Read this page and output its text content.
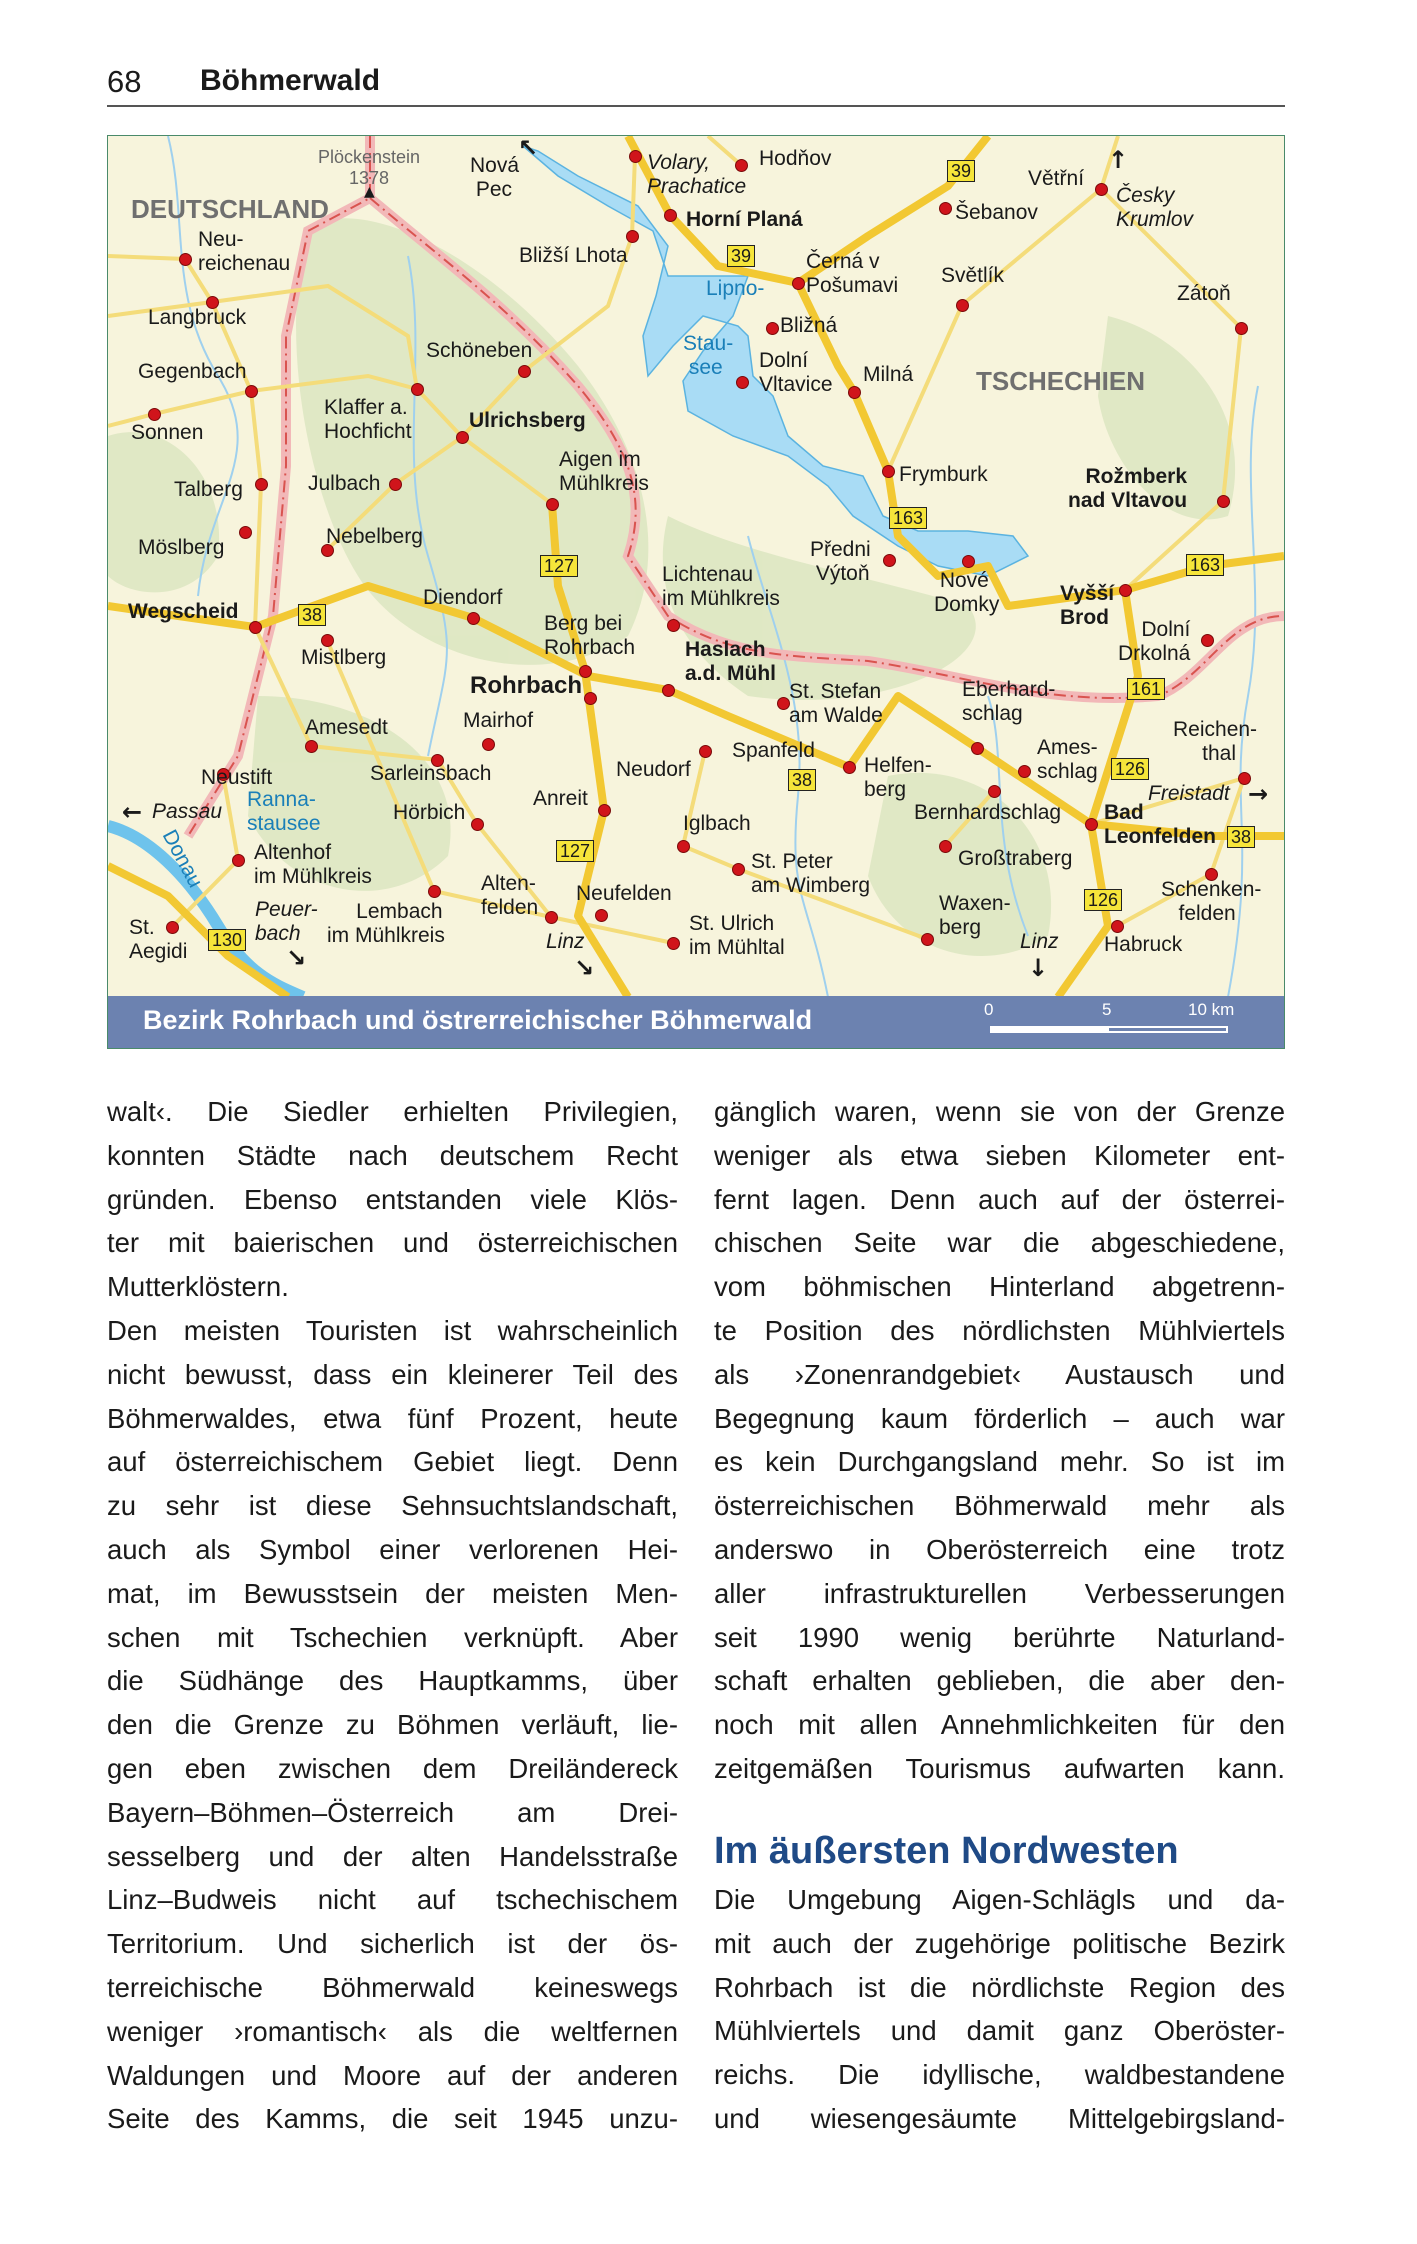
68 Böhmerwald
Bezirk Rohrbach und östrerreichischer Böhmerwald	0	5	10 km
39
39
163
163
127
127
38
38
38
161
126
126
130
Plöckenstein
1378
DEUTSCHLAND
TSCHECHIEN
Neu-
reichenau
Langbruck
Gegenbach
Sonnen
Talberg
Möslberg
Wegscheid
Mistlberg
Amesedt
Neustift
Passau
Ranna-
stausee
Donau Altenhof
im Mühlkreis
Peuer-
bach
St.
Aegidi
Lembach
im Mühlkreis
Alten-
felden
Linz
Neufelden
St. Ulrich
im Mühltal
Hörbich
Sarleinsbach
Anreit
Neudorf
Iglbach
St. Peter
am Wimberg
Spanfeld
St. Stefan
am Walde
Helfen-
berg
Haslach
a.d. Mühl
Rohrbach
Mairhof
Diendorf
Berg bei
Rohrbach
Nebelberg
Julbach
Klaffer a.
Hochficht
Schöneben
Ulrichsberg
Aigen im
Mühlkreis
Nová
Pec
Bližší Lhota
Volary,
Prachatice
Hodňov
Horní Planá
Lipno-
Stau-
see
Černá v
Pošumavi
Bližná
Dolní
Vltavice Milná
Šebanov
Větřní
Česky
Krumlov
Světlík
Zátoň
Frymburk	Rožmberk
nad Vltavou
Předni
Výtoň	Nové
Domky
Lichtenau
im Mühlkreis	Vyšší
Brod
Dolní
Drkolná
Eberhard-
schlag
Reichen-
thal
Ames-
schlag
Freistadt
Bernhardschlag Bad
Leonfelden
Großtraberg
Schenken-
felden
Waxen-
berg
Linz Habruck
↖	↑
←
↘	↘	↓
→
▲
walt‹. Die Siedler erhielten Privilegien,
konnten Städte nach deutschem Recht
gründen. Ebenso entstanden viele Klös-
ter mit baierischen und österreichischen
Mutterklöstern.
Den meisten Touristen ist wahrscheinlich
nicht bewusst, dass ein kleinerer Teil des
Böhmerwaldes, etwa fünf Prozent, heute
auf österreichischem Gebiet liegt. Denn
zu sehr ist diese Sehnsuchtslandschaft,
auch als Symbol einer verlorenen Hei-
mat, im Bewusstsein der meisten Men-
schen mit Tschechien verknüpft. Aber
die Südhänge des Hauptkamms, über
den die Grenze zu Böhmen verläuft, lie-
gen eben zwischen dem Dreiländereck
Bayern–Böhmen–Österreich am Drei-
sesselberg und der alten Handelsstraße
Linz–Budweis nicht auf tschechischem
Territorium. Und sicherlich ist der ös-
terreichische Böhmerwald keineswegs
weniger ›romantisch‹ als die weltfernen
Waldungen und Moore auf der anderen
Seite des Kamms, die seit 1945 unzu-
gänglich waren, wenn sie von der Grenze
weniger als etwa sieben Kilometer ent-
fernt lagen. Denn auch auf der österrei-
chischen Seite war die abgeschiedene,
vom böhmischen Hinterland abgetrenn-
te Position des nördlichsten Mühlviertels
als ›Zonenrandgebiet‹ Austausch und
Begegnung kaum förderlich – auch war
es kein Durchgangsland mehr. So ist im
österreichischen Böhmerwald mehr als
anderswo in Oberösterreich eine trotz
aller infrastrukturellen Verbesserungen
seit 1990 wenig berührte Naturland-
schaft erhalten geblieben, die aber den-
noch mit allen Annehmlichkeiten für den
zeitgemäßen Tourismus aufwarten kann.
Im äußersten Nordwesten
Die Umgebung Aigen-Schlägls und da-
mit auch der zugehörige politische Bezirk
Rohrbach ist die nördlichste Region des
Mühlviertels und damit ganz Oberöster-
reichs. Die idyllische, waldbestandene
und wiesengesäumte Mittelgebirgsland-
